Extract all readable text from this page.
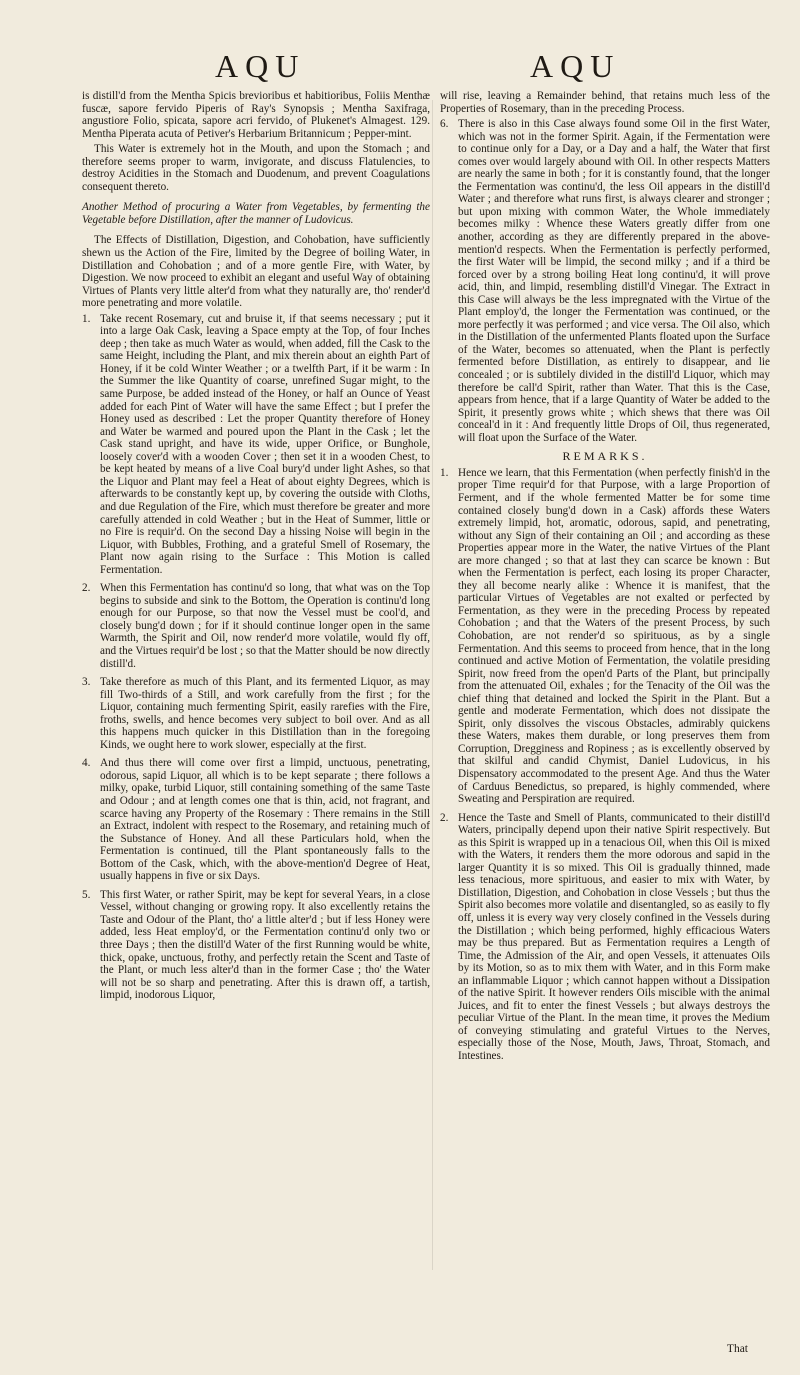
AQU	AQU

is distill'd from the Mentha Spicis brevioribus et habitioribus, Foliis Menthæ fuscæ, sapore fervido Piperis of Ray's Synopsis ; Mentha Saxifraga, angustiore Folio, spicata, sapore acri fervido, of Plukenet's Almagest. 129. Mentha Piperata acuta of Petiver's Herbarium Britannicum ; Pepper-mint.

This Water is extremely hot in the Mouth, and upon the Stomach ; and therefore seems proper to warm, invigorate, and discuss Flatulencies, to destroy Acidities in the Stomach and Duodenum, and prevent Coagulations consequent thereto.

Another Method of procuring a Water from Vegetables, by fermenting the Vegetable before Distillation, after the manner of Ludovicus.

The Effects of Distillation, Digestion, and Cohobation, have sufficiently shewn us the Action of the Fire, limited by the Degree of boiling Water, in Distillation and Cohobation ; and of a more gentle Fire, with Water, by Digestion. We now proceed to exhibit an elegant and useful Way of obtaining Virtues of Plants very little alter'd from what they naturally are, tho' render'd more penetrating and more volatile.

1. Take recent Rosemary, cut and bruise it, if that seems necessary ; put it into a large Oak Cask, leaving a Space empty at the Top, of four Inches deep ; then take as much Water as would, when added, fill the Cask to the same Height, including the Plant, and mix therein about an eighth Part of Honey, if it be cold Winter Weather ; or a twelfth Part, if it be warm : In the Summer the like Quantity of coarse, unrefined Sugar might, to the same Purpose, be added instead of the Honey, or half an Ounce of Yeast added for each Pint of Water will have the same Effect ; but I prefer the Honey used as described : Let the proper Quantity therefore of Honey and Water be warmed and poured upon the Plant in the Cask ; let the Cask stand upright, and have its wide, upper Orifice, or Bunghole, loosely cover'd with a wooden Cover ; then set it in a wooden Chest, to be kept heated by means of a live Coal bury'd under light Ashes, so that the Liquor and Plant may feel a Heat of about eighty Degrees, which is afterwards to be constantly kept up, by covering the outside with Cloths, and due Regulation of the Fire, which must therefore be greater and more carefully attended in cold Weather ; but in the Heat of Summer, little or no Fire is requir'd. On the second Day a hissing Noise will begin in the Liquor, with Bubbles, Frothing, and a grateful Smell of Rosemary, the Plant now again rising to the Surface : This Motion is called Fermentation.
2. When this Fermentation has continu'd so long, that what was on the Top begins to subside and sink to the Bottom, the Operation is continu'd long enough for our Purpose, so that now the Vessel must be cool'd, and closely bung'd down ; for if it should continue longer open in the same Warmth, the Spirit and Oil, now render'd more volatile, would fly off, and the Virtues requir'd be lost ; so that the Matter should be now directly distill'd.
3. Take therefore as much of this Plant, and its fermented Liquor, as may fill Two-thirds of a Still, and work carefully from the first ; for the Liquor, containing much fermenting Spirit, easily rarefies with the Fire, froths, swells, and hence becomes very subject to boil over. And as all this happens much quicker in this Distillation than in the foregoing Kinds, we ought here to work slower, especially at the first.
4. And thus there will come over first a limpid, unctuous, penetrating, odorous, sapid Liquor, all which is to be kept separate ; there follows a milky, opake, turbid Liquor, still containing something of the same Taste and Odour ; and at length comes one that is thin, acid, not fragrant, and scarce having any Property of the Rosemary : There remains in the Still an Extract, indolent with respect to the Rosemary, and retaining much of the Substance of Honey. And all these Particulars hold, when the Fermentation is continued, till the Plant spontaneously falls to the Bottom of the Cask, which, with the above-mention'd Degree of Heat, usually happens in five or six Days.
5. This first Water, or rather Spirit, may be kept for several Years, in a close Vessel, without changing or growing ropy. It also excellently retains the Taste and Odour of the Plant, tho' a little alter'd ; but if less Honey were added, less Heat employ'd, or the Fermentation continu'd only two or three Days ; then the distill'd Water of the first Running would be white, thick, opake, unctuous, frothy, and perfectly retain the Scent and Taste of the Plant, or much less alter'd than in the former Case ; tho' the Water will not be so sharp and penetrating. After this is drawn off, a tartish, limpid, inodorous Liquor,

will rise, leaving a Remainder behind, that retains much less of the Properties of Rosemary, than in the preceding Process.

6. There is also in this Case always found some Oil in the first Water, which was not in the former Spirit. Again, if the Fermentation were to continue only for a Day, or a Day and a half, the Water that first comes over would largely abound with Oil. In other respects Matters are nearly the same in both ; for it is constantly found, that the longer the Fermentation was continu'd, the less Oil appears in the distill'd Water ; and therefore what runs first, is always clearer and stronger ; but upon mixing with common Water, the Whole immediately becomes milky : Whence these Waters greatly differ from one another, according as they are differently prepared in the above-mention'd respects. When the Fermentation is perfectly performed, the first Water will be limpid, the second milky ; and if a third be forced over by a strong boiling Heat long continu'd, it will prove acid, thin, and limpid, resembling distill'd Vinegar. The Extract in this Case will always be the less impregnated with the Virtue of the Plant employ'd, the longer the Fermentation was continued, or the more perfectly it was performed ; and vice versa. The Oil also, which in the Distillation of the unfermented Plants floated upon the Surface of the Water, becomes so attenuated, when the Plant is perfectly fermented before Distillation, as entirely to disappear, and lie concealed ; or is subtilely divided in the distill'd Liquor, which may therefore be call'd Spirit, rather than Water. That this is the Case, appears from hence, that if a large Quantity of Water be added to the Spirit, it presently grows white ; which shews that there was Oil conceal'd in it : And frequently little Drops of Oil, thus regenerated, will float upon the Surface of the Water.
REMARKS.
1. Hence we learn, that this Fermentation (when perfectly finish'd in the proper Time requir'd for that Purpose, with a large Proportion of Ferment, and if the whole fermented Matter be for some time contained closely bung'd down in a Cask) affords these Waters extremely limpid, hot, aromatic, odorous, sapid, and penetrating, without any Sign of their containing an Oil ; and according as these Properties appear more in the Water, the native Virtues of the Plant are more changed ; so that at last they can scarce be known : But when the Fermentation is perfect, each losing its proper Character, they all become nearly alike : Whence it is manifest, that the particular Virtues of Vegetables are not exalted or perfected by Fermentation, as they were in the preceding Process by repeated Cohobation ; and that the Waters of the present Process, by such Cohobation, are not render'd so spirituous, as by a single Fermentation. And this seems to proceed from hence, that in the long continued and active Motion of Fermentation, the volatile presiding Spirit, now freed from the open'd Parts of the Plant, but principally from the attenuated Oil, exhales ; for the Tenacity of the Oil was the chief thing that detained and locked the Spirit in the Plant. But a gentle and moderate Fermentation, which does not dissipate the Spirit, only dissolves the viscous Obstacles, admirably quickens these Waters, makes them durable, or long preserves them from Corruption, Dregginess and Ropiness ; as is excellently observed by that skilful and candid Chymist, Daniel Ludovicus, in his Dispensatory accommodated to the present Age. And thus the Water of Carduus Benedictus, so prepared, is highly commended, where Sweating and Perspiration are required.
2. Hence the Taste and Smell of Plants, communicated to their distill'd Waters, principally depend upon their native Spirit respectively. But as this Spirit is wrapped up in a tenacious Oil, when this Oil is mixed with the Waters, it renders them the more odorous and sapid in the larger Quantity it is so mixed. This Oil is gradually thinned, made less tenacious, more spirituous, and easier to mix with Water, by Distillation, Digestion, and Cohobation in close Vessels ; but thus the Spirit also becomes more volatile and disentangled, so as easily to fly off, unless it is every way very closely confined in the Vessels during the Distillation ; which being performed, highly efficacious Waters may be thus prepared. But as Fermentation requires a Length of Time, the Admission of the Air, and open Vessels, it attenuates Oils by its Motion, so as to mix them with Water, and in this Form make an inflammable Liquor ; which cannot happen without a Dissipation of the native Spirit. It however renders Oils miscible with the animal Juices, and fit to enter the finest Vessels ; but always destroys the peculiar Virtue of the Plant. In the mean time, it proves the Medium of conveying stimulating and grateful Virtues to the Nerves, especially those of the Nose, Mouth, Jaws, Throat, Stomach, and Intestines.
That
